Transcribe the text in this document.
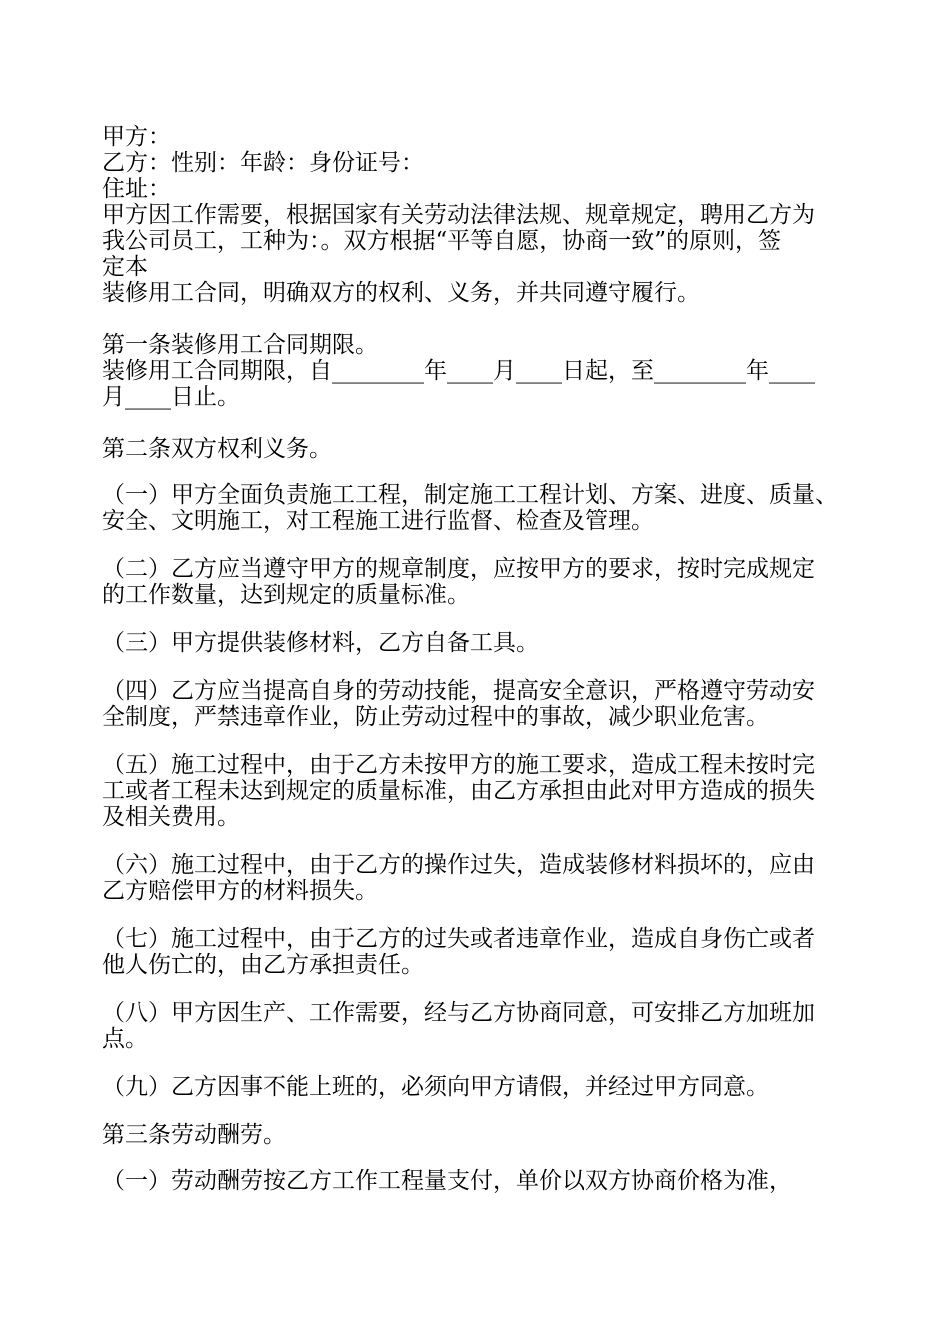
甲方：
乙方：性别：年龄：身份证号：
住址：
甲方因工作需要，根据国家有关劳动法律法规、规章规定，聘用乙方为
我公司员工，工种为：。双方根据“平等自愿，协商一致”的原则，签
定本
装修用工合同，明确双方的权利、义务，并共同遵守履行。
第一条装修用工合同期限。
装修用工合同期限，自________年____月____日起，至________年____
月____日止。
第二条双方权利义务。
（一）甲方全面负责施工工程，制定施工工程计划、方案、进度、质量、
安全、文明施工，对工程施工进行监督、检查及管理。
（二）乙方应当遵守甲方的规章制度，应按甲方的要求，按时完成规定
的工作数量，达到规定的质量标准。
（三）甲方提供装修材料，乙方自备工具。
（四）乙方应当提高自身的劳动技能，提高安全意识，严格遵守劳动安
全制度，严禁违章作业，防止劳动过程中的事故，减少职业危害。
（五）施工过程中，由于乙方未按甲方的施工要求，造成工程未按时完
工或者工程未达到规定的质量标准，由乙方承担由此对甲方造成的损失
及相关费用。
（六）施工过程中，由于乙方的操作过失，造成装修材料损坏的，应由
乙方赔偿甲方的材料损失。
（七）施工过程中，由于乙方的过失或者违章作业，造成自身伤亡或者
他人伤亡的，由乙方承担责任。
（八）甲方因生产、工作需要，经与乙方协商同意，可安排乙方加班加
点。
（九）乙方因事不能上班的，必须向甲方请假，并经过甲方同意。
第三条劳动酬劳。
（一）劳动酬劳按乙方工作工程量支付，单价以双方协商价格为准，
